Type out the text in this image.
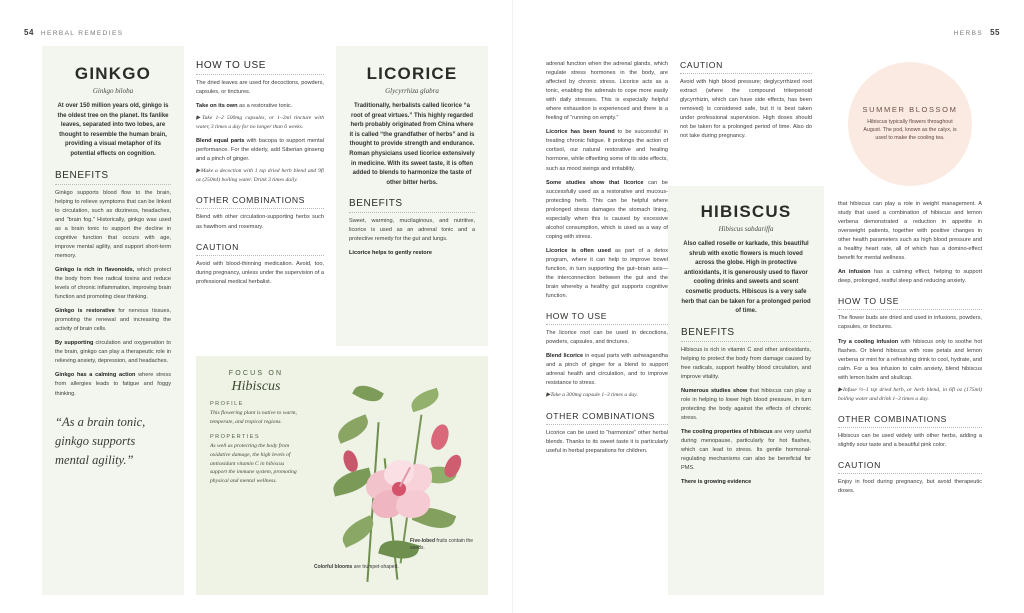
54 HERBAL REMEDIES	HERBS 55
GINKGO
Ginkgo biloba
At over 150 million years old, ginkgo is the oldest tree on the planet. Its fanlike leaves, separated into two lobes, are thought to resemble the human brain, providing a visual metaphor of its potential effects on cognition.
BENEFITS

Ginkgo supports blood flow to the brain, helping to relieve symptoms that can be linked to circulation, such as dizziness, headaches, and "brain fog." Historically, ginkgo was used as a brain tonic to support the decline in cognitive function that occurs with age, improve mental agility, and support short-term memory.

Ginkgo is rich in flavonoids, which protect the body from free radical toxins and reduce levels of chronic inflammation, improving brain function and promoting clear thinking.

Ginkgo is restorative for nervous tissues, promoting the renewal and increasing the activity of brain cells.

By supporting circulation and oxygenation to the brain, ginkgo can play a therapeutic role in relieving anxiety, depression, and headaches.

Ginkgo has a calming action where stress from allergies leads to fatigue and foggy thinking.

“As a brain tonic, ginkgo supports mental agility.”
HOW TO USE

The dried leaves are used for decoctions, powders, capsules, or tinctures.

Take on its own as a restorative tonic.
▶Take 1–2 500mg capsules, or 1–2ml tincture with water, 3 times a day for no longer than 6 weeks.

Blend equal parts with bacopa to support mental performance. For the elderly, add Siberian ginseng and a pinch of ginger.
▶Make a decoction with 1 tsp dried herb blend and 9fl oz (250ml) boiling water. Drink 3 times daily.

OTHER COMBINATIONS

Blend with other circulation-supporting herbs such as hawthorn and rosemary.

CAUTION

Avoid with blood-thinning medication. Avoid, too, during pregnancy, unless under the supervision of a professional medical herbalist.

FOCUS ON
Hibiscus
PROFILE
This flowering plant is native to warm, temperate, and tropical regions.
PROPERTIES
As well as protecting the body from oxidative damage, the high levels of antioxidant vitamin C in hibiscus support the immune system, promoting physical and mental wellness.
Five-lobed fruits contain the seeds.
Colorful blooms are trumpet-shaped.
LICORICE
Glycyrrhiza glabra
Traditionally, herbalists called licorice “a root of great virtues.” This highly regarded herb probably originated from China where it is called “the grandfather of herbs” and is thought to provide strength and endurance. Roman physicians used licorice extensively in medicine. With its sweet taste, it is often added to blends to harmonize the taste of other bitter herbs.
BENEFITS

Sweet, warming, mucilaginous, and nutritive, licorice is used as an adrenal tonic and a protective remedy for the gut and lungs.

Licorice helps to gently restore

adrenal function when the adrenal glands, which regulate stress hormones in the body, are affected by chronic stress. Licorice acts as a tonic, enabling the adrenals to cope more easily with daily stresses. This is especially helpful where exhaustion is experienced and there is a feeling of “running on empty.”

Licorice has been found to be successful in treating chronic fatigue. It prolongs the action of cortisol, our natural restorative and healing hormone, while offsetting some of its side effects, such as mood swings and irritability.

Some studies show that licorice can be successfully used as a restorative and mucous-protecting herb. This can be helpful where prolonged stress damages the stomach lining, especially when this is caused by excessive alcohol consumption, which is used as a way of coping with stress.

Licorice is often used as part of a detox program, where it can help to improve bowel function, in turn supporting the gut–brain axis—the interconnection between the gut and the brain whereby a healthy gut supports cognitive function.

HOW TO USE

The licorice root can be used in decoctions, powders, capsules, and tinctures.

Blend licorice in equal parts with ashwagandha and a pinch of ginger for a blend to support adrenal health and circulation, and to improve resistance to stress.
▶Take a 300mg capsule 1–3 times a day.

OTHER COMBINATIONS

Licorice can be used to “harmonize” other herbal blends. Thanks to its sweet taste it is particularly useful in herbal preparations for children.

CAUTION

Avoid with high blood pressure; deglycyrrhized root extract (where the compound triterpenoid glycyrrhizin, which can have side effects, has been removed) is considered safe, but it is best taken under professional supervision. High doses should not be taken for a prolonged period of time. Also do not take during pregnancy.

HIBISCUS
Hibiscus sabdariffa
Also called roselle or karkade, this beautiful shrub with exotic flowers is much loved across the globe. High in protective antioxidants, it is generously used to flavor cooling drinks and sweets and scent cosmetic products. Hibiscus is a very safe herb that can be taken for a prolonged period of time.
BENEFITS

Hibiscus is rich in vitamin C and other antioxidants, helping to protect the body from damage caused by free radicals, support healthy blood circulation, and improve vitality.

Numerous studies show that hibiscus can play a role in helping to lower high blood pressure, in turn protecting the body against the effects of chronic stress.

The cooling properties of hibiscus are very useful during menopause, particularly for hot flashes, which can lead to stress. Its gentle hormonal-regulating mechanisms can also be beneficial for PMS.

There is growing evidence

SUMMER BLOSSOM
Hibiscus typically flowers throughout August. The pod, known as the calyx, is used to make the cooling tea.

that hibiscus can play a role in weight management. A study that used a combination of hibiscus and lemon verbena demonstrated a reduction in appetite in overweight patients, together with positive changes in other health parameters such as high blood pressure and a healthy heart rate, all of which has a domino-effect benefit for mental wellness.

An infusion has a calming effect, helping to support deep, prolonged, restful sleep and reducing anxiety.

HOW TO USE

The flower buds are dried and used in infusions, powders, capsules, or tinctures.

Try a cooling infusion with hibiscus only to soothe hot flashes. Or blend hibiscus with rose petals and lemon verbena or mint for a refreshing drink to cool, hydrate, and calm. For a tea infusion to calm anxiety, blend hibiscus with lemon balm and skullcap.
▶Infuse ½–1 tsp dried herb, or herb blend, in 6fl oz (175ml) boiling water and drink 1–3 times a day.

OTHER COMBINATIONS

Hibiscus can be used widely with other herbs, adding a slightly sour taste and a beautiful pink color.

CAUTION

Enjoy in food during pregnancy, but avoid therapeutic doses.
